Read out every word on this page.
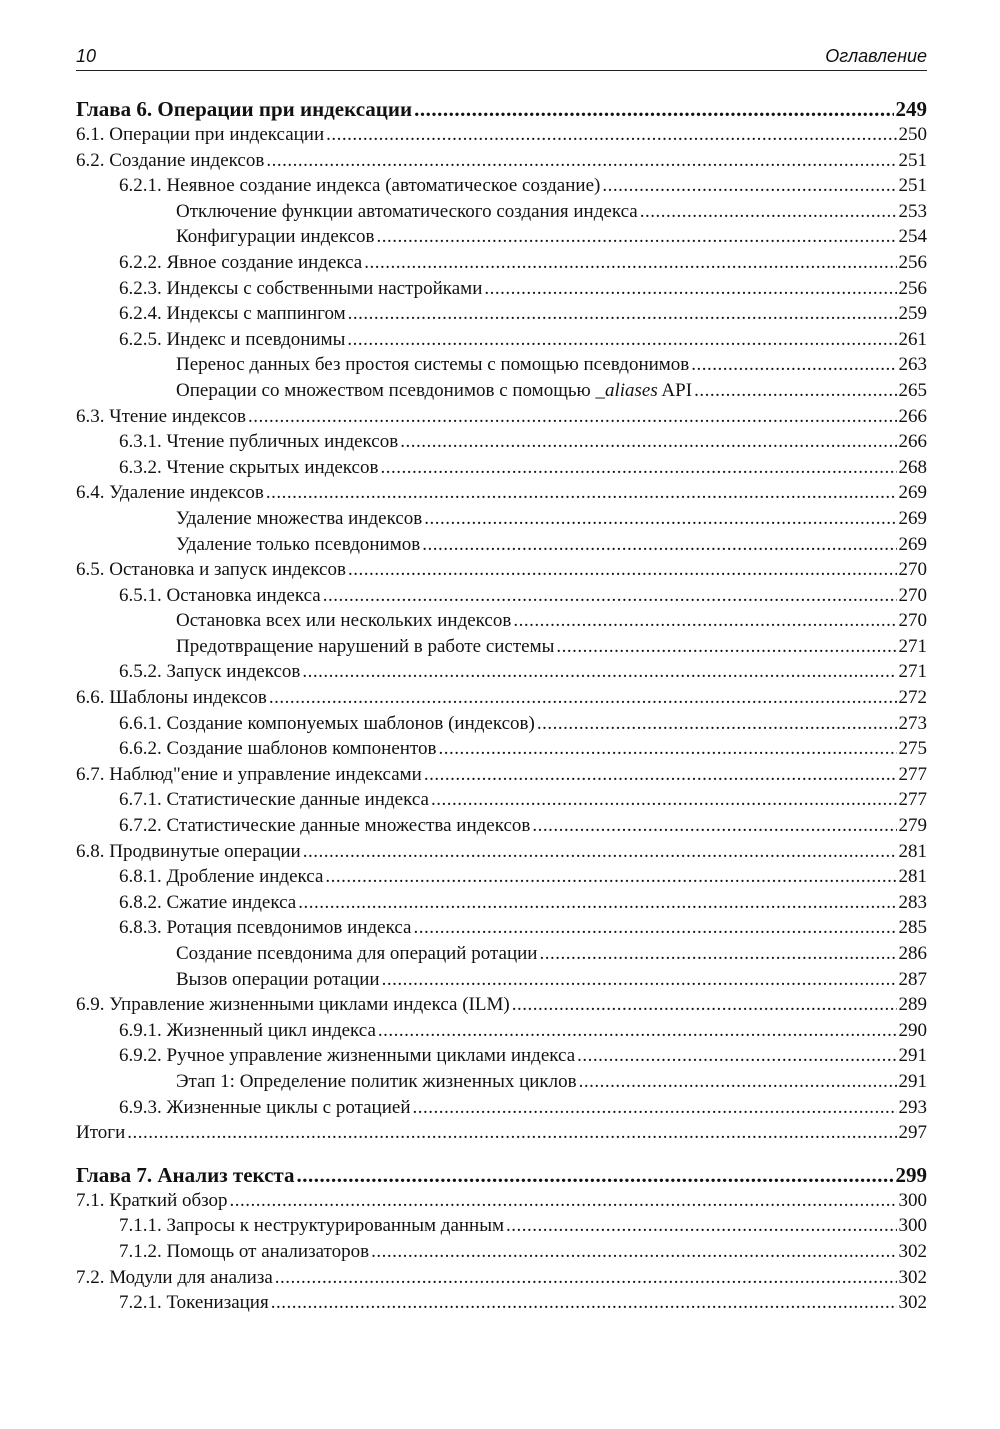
10	Оглавление
Глава 6. Операции при индексации .....	249
6.1. Операции при индексации .....	250
6.2. Создание индексов .....	251
6.2.1. Неявное создание индекса (автоматическое создание) .....	251
Отключение функции автоматического создания индекса .....	253
Конфигурации индексов .....	254
6.2.2. Явное создание индекса .....	256
6.2.3. Индексы с собственными настройками .....	256
6.2.4. Индексы с маппингом .....	259
6.2.5. Индекс и псевдонимы .....	261
Перенос данных без простоя системы с помощью псевдонимов .....	263
Операции со множеством псевдонимов с помощью _aliases API .....	265
6.3. Чтение индексов .....	266
6.3.1. Чтение публичных индексов .....	266
6.3.2. Чтение скрытых индексов .....	268
6.4. Удаление индексов .....	269
Удаление множества индексов .....	269
Удаление только псевдонимов .....	269
6.5. Остановка и запуск индексов .....	270
6.5.1. Остановка индекса .....	270
Остановка всех или нескольких индексов .....	270
Предотвращение нарушений в работе системы .....	271
6.5.2. Запуск индексов .....	271
6.6. Шаблоны индексов .....	272
6.6.1. Создание компонуемых шаблонов (индексов) .....	273
6.6.2. Создание шаблонов компонентов .....	275
6.7. Наблюд"ение и управление индексами .....	277
6.7.1. Статистические данные индекса .....	277
6.7.2. Статистические данные множества индексов .....	279
6.8. Продвинутые операции .....	281
6.8.1. Дробление индекса .....	281
6.8.2. Сжатие индекса .....	283
6.8.3. Ротация псевдонимов индекса .....	285
Создание псевдонима для операций ротации .....	286
Вызов операции ротации .....	287
6.9. Управление жизненными циклами индекса (ILM) .....	289
6.9.1. Жизненный цикл индекса .....	290
6.9.2. Ручное управление жизненными циклами индекса .....	291
Этап 1: Определение политик жизненных циклов .....	291
6.9.3. Жизненные циклы с ротацией .....	293
Итоги .....	297
Глава 7. Анализ текста .....	299
7.1. Краткий обзор .....	300
7.1.1. Запросы к неструктурированным данным .....	300
7.1.2. Помощь от анализаторов .....	302
7.2. Модули для анализа .....	302
7.2.1. Токенизация .....	302
